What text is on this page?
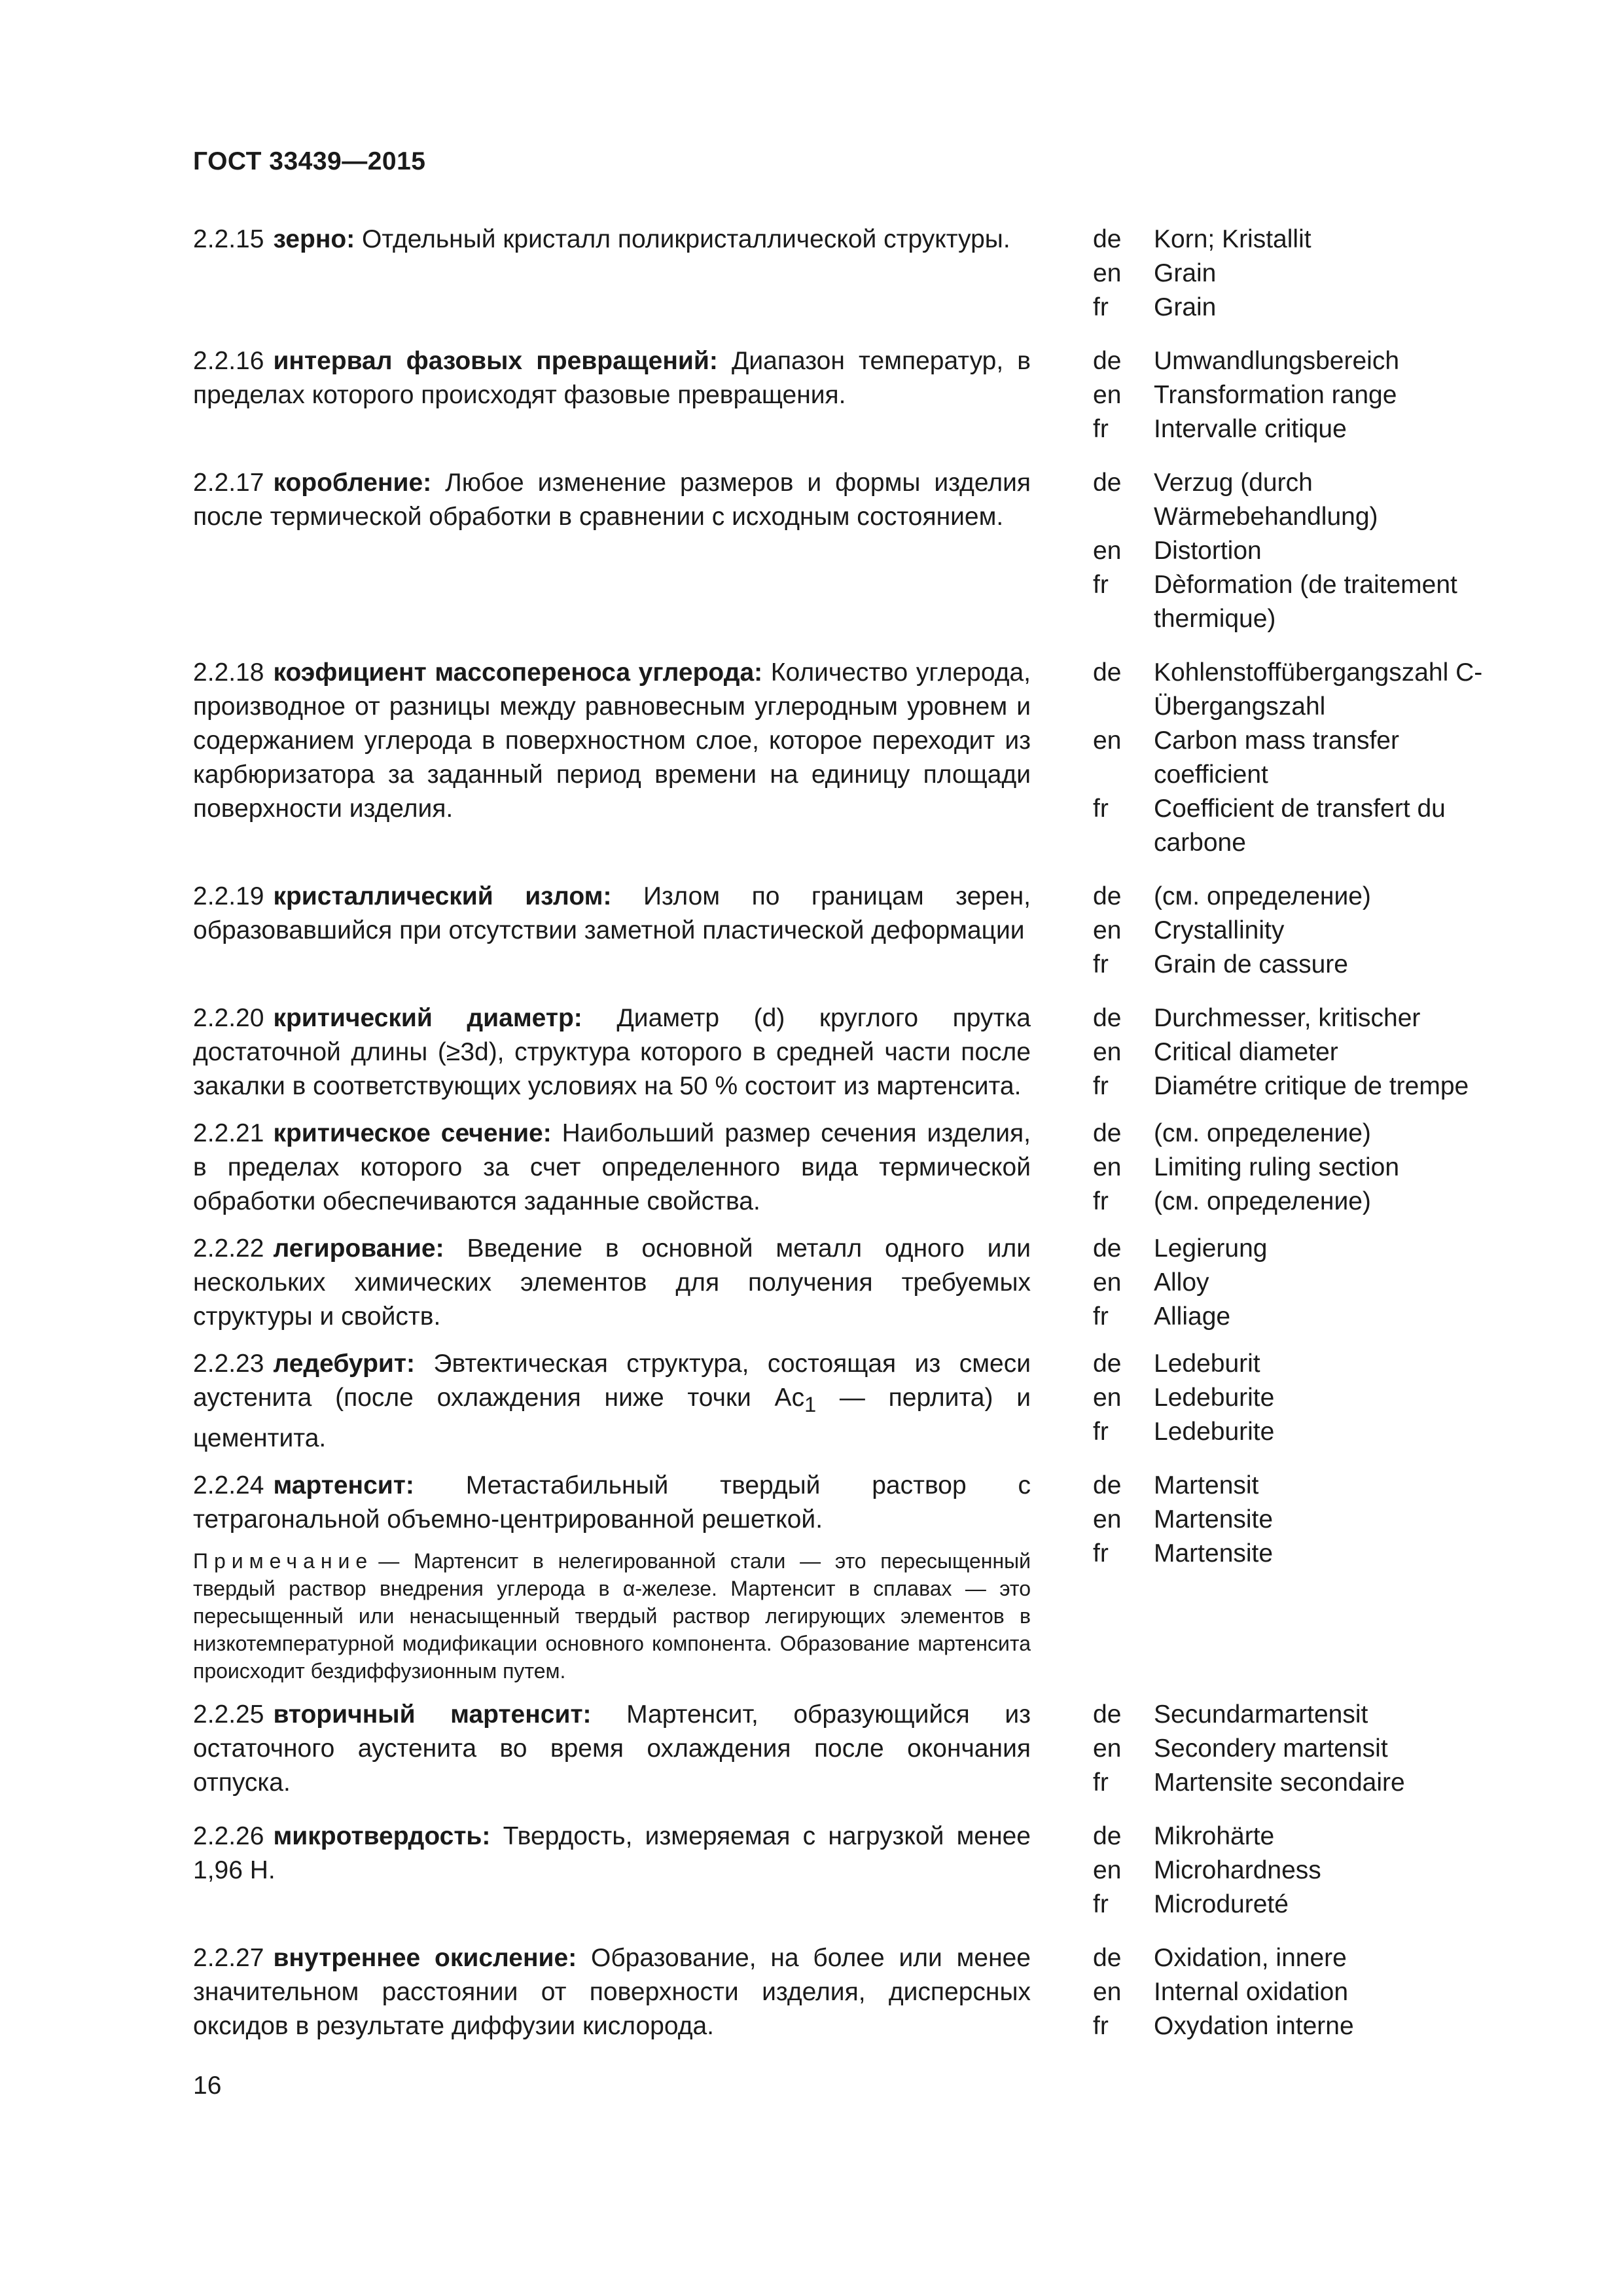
ГОСТ 33439—2015
2.2.15 зерно: Отдельный кристалл поликристаллической структуры.	de	Korn; Kristallit
en	Grain
fr	Grain
2.2.16 интервал фазовых превращений: Диапазон температур, в пределах которого происходят фазовые превращения.
de	Umwandlungsbereich
en	Transformation range
fr	Intervalle critique
2.2.17 коробление: Любое изменение размеров и формы изделия после термической обработки в сравнении с исходным состоянием.
de	Verzug (durch Wärmebehandlung)
en	Distortion
fr	Dèformation (de traitement thermique)
2.2.18 коэфициент массопереноса углерода: Количество углерода, производное от разницы между равновесным углеродным уровнем и содержанием углерода в поверхностном слое, которое переходит из карбюризатора за заданный период времени на единицу площади поверхности изделия.
de	Kohlenstoffübergangszahl C- Übergangszahl
en	Carbon mass transfer coefficient
fr	Coefficient de transfert du carbone
2.2.19 кристаллический излом: Излом по границам зерен, образовавшийся при отсутствии заметной пластической деформации
de	(см. определение)
en	Crystallinity
fr	Grain de cassure
2.2.20 критический диаметр: Диаметр (d) круглого прутка достаточной длины (≥3d), структура которого в средней части после закалки в соответствующих условиях на 50 % состоит из мартенсита.
de	Durchmesser, kritischer
en	Critical diameter
fr	Diamétre critique de trempe
2.2.21 критическое сечение: Наибольший размер сечения изделия, в пределах которого за счет определенного вида термической обработки обеспечиваются заданные свойства.
de	(см. определение)
en	Limiting ruling section
fr	(см. определение)
2.2.22 легирование: Введение в основной металл одного или нескольких химических элементов для получения требуемых структуры и свойств.
de	Legierung
en	Alloy
fr	Alliage
2.2.23 ледебурит: Эвтектическая структура, состоящая из смеси аустенита (после охлаждения ниже точки $Ac_1$ — перлита) и цементита.
de	Ledeburit
en	Ledeburite
fr	Ledeburite
2.2.24 мартенсит: Метастабильный твердый раствор с тетрагональной объемно-центрированной решеткой.
Примечание — Мартенсит в нелегированной стали — это пересыщенный твердый раствор внедрения углерода в α-железе. Мартенсит в сплавах — это пересыщенный или ненасыщенный твердый раствор легирующих элементов в низкотемпературной модификации основного компонента. Образование мартенсита происходит бездиффузионным путем.
de	Martensit
en	Martensite
fr	Martensite
2.2.25 вторичный мартенсит: Мартенсит, образующийся из остаточного аустенита во время охлаждения после окончания отпуска.
de	Secundarmartensit
en	Secondery martensit
fr	Martensite secondaire
2.2.26 микротвердость: Твердость, измеряемая с нагрузкой менее 1,96 Н.
de	Mikrohärte
en	Microhardness
fr	Microdureté
2.2.27 внутреннее окисление: Образование, на более или менее значительном расстоянии от поверхности изделия, дисперсных оксидов в результате диффузии кислорода.
de	Oxidation, innere
en	Internal oxidation
fr	Oxydation interne
16
